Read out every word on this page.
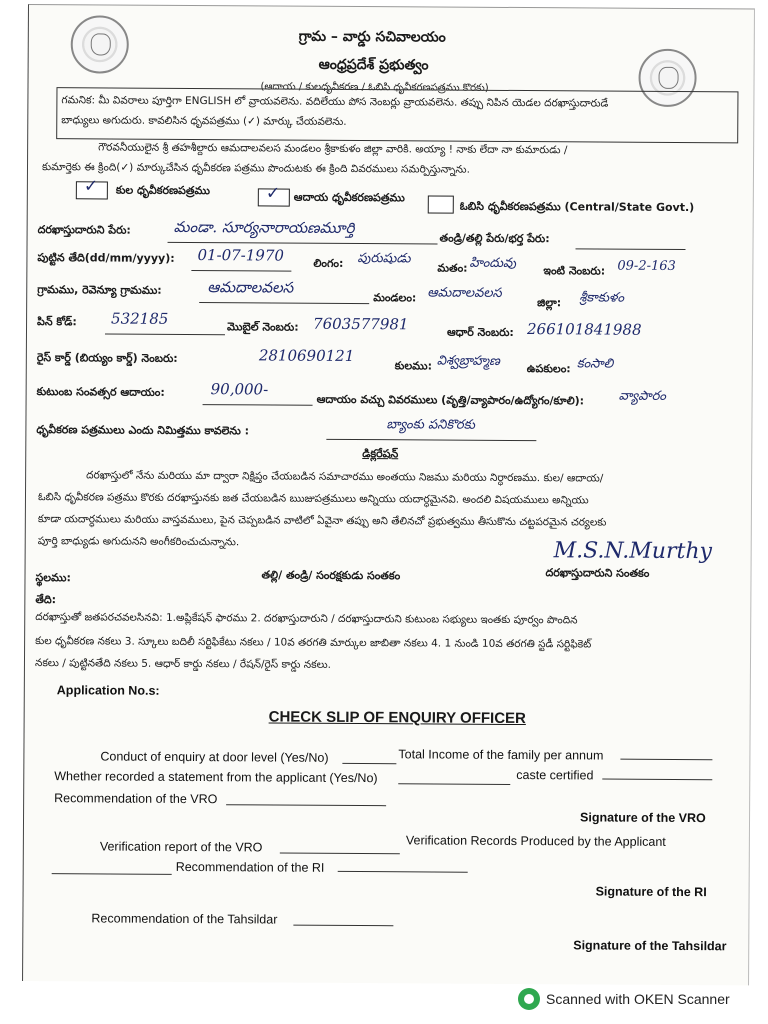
గ్రామ – వార్డు సచివాలయం
ఆంధ్రప్రదేశ్ ప్రభుత్వం
(ఆదాయ / కులధృవీకరణ / ఓబిసి ధృవీకరణపత్రము కొరకు)
గమనిక: మీ వివరాలు పూర్తిగా ENGLISH లో వ్రాయవలెను. వదిలేయు పోస నెంబర్లు వ్రాయవలెను. తప్పు నిపిన యెడల దరఖాస్తుదారుడే
బాధ్యులు అగుదురు. కావలిసిన ధృవపత్రము (✓) మార్కు చేయవలెను.
గౌరవనీయులైన శ్రీ తహశీల్దారు ఆమదాలవలస మండలం శ్రీకాకుళం జిల్లా వారికి. అయ్యా ! నాకు లేదా నా కుమారుడు /
కుమార్తెకు ఈ క్రింది(✓) మార్కుచేసిన ధృవీకరణ పత్రము పొందుటకు ఈ క్రింది వివరములు సమర్పిస్తున్నాను.
✓ కుల ధృవీకరణపత్రము	✓ ఆదాయ ధృవీకరణపత్రము
ఓబిసి ధృవీకరణపత్రము (Central/State Govt.)
దరఖాస్తుదారుని పేరు:	మండా. సూర్యనారాయణమూర్తి
తండ్రి/తల్లి పేరు/భర్త పేరు:
పుట్టిన తేది(dd/mm/yyyy): 01-07-1970	లింగం: పురుషుడు
మతం: హిందువు ఇంటి నెంబరు: 09-2-163
గ్రామము, రెవెన్యూ గ్రామము:	ఆమదాలవలస
మండలం: ఆమదాలవలస
జిల్లా: శ్రీకాకుళం
పిన్ కోడ్: 532185	మొబైల్ నెంబరు: 7603577981	ఆధార్ నెంబరు: 266101841988
రైస్ కార్డ్ (బియ్యం కార్డ్) నెంబరు:	2810690121
కులము: విశ్వబ్రాహ్మణ ఉపకులం: కంసాలి
కుటుంబ సంవత్సర ఆదాయం:	90,000-
ఆదాయం వచ్చు వివరములు (వృత్తి/వ్యాపారం/ఉద్యోగం/కూలి):	వ్యాపారం
ధృవీకరణ పత్రములు ఎందు నిమిత్తము కావలెను :	బ్యాంకు పనికొరకు
డిక్లరేషన్
దరఖాస్తులో నేను మరియు మా ద్వారా నిక్షిప్తం చేయబడిన సమాచారము అంతయు నిజము మరియు నిర్ధారణము. కుల/ ఆదాయ/
ఓబిసి ధృవీకరణ పత్రము కొరకు దరఖాస్తునకు జత చేయబడిన ఋజుపత్రములు అన్నియు యదార్ధమైనవి. అందలి విషయములు అన్నియు
కూడా యదార్ధములు మరియు వాస్తవములు, పైన చెప్పబడిన వాటిలో ఏవైనా తప్పు అని తేలినచో ప్రభుత్వము తీసుకొను చట్టపరమైన చర్యలకు
పూర్తి బాధ్యుడు అగుదునని అంగీకరించుచున్నాను.	M.S.N.Murthy
స్థలము:	తల్లి/ తండ్రి/ సంరక్షకుడు సంతకం	దరఖాస్తుదారుని సంతకం
తేది:
దరఖాస్తుతో జతపరచవలసినవి: 1.అప్లికేషన్ ఫారము 2. దరఖాస్తుదారుని / దరఖాస్తుదారుని కుటుంబ సభ్యులు ఇంతకు పూర్వం పొందిన
కుల ధృవీకరణ నకలు 3. స్కూలు బదిలీ సర్టిఫికేటు నకలు / 10వ తరగతి మార్కుల జాబితా నకలు 4. 1 నుండి 10వ తరగతి స్టడీ సర్టిఫికెట్
నకలు / పుట్టినతేది నకలు 5. ఆధార్ కార్డు నకలు / రేషన్/రైస్ కార్డు నకలు.
Application No.s:
CHECK SLIP OF ENQUIRY OFFICER
Conduct of enquiry at door level (Yes/No)	Total Income of the family per annum
Whether recorded a statement from the applicant (Yes/No)	caste certified
Recommendation of the VRO
Signature of the VRO
Verification report of the VRO	Verification Records Produced by the Applicant
Recommendation of the RI
Signature of the RI
Recommendation of the Tahsildar
Signature of the Tahsildar
Scanned with OKEN Scanner
